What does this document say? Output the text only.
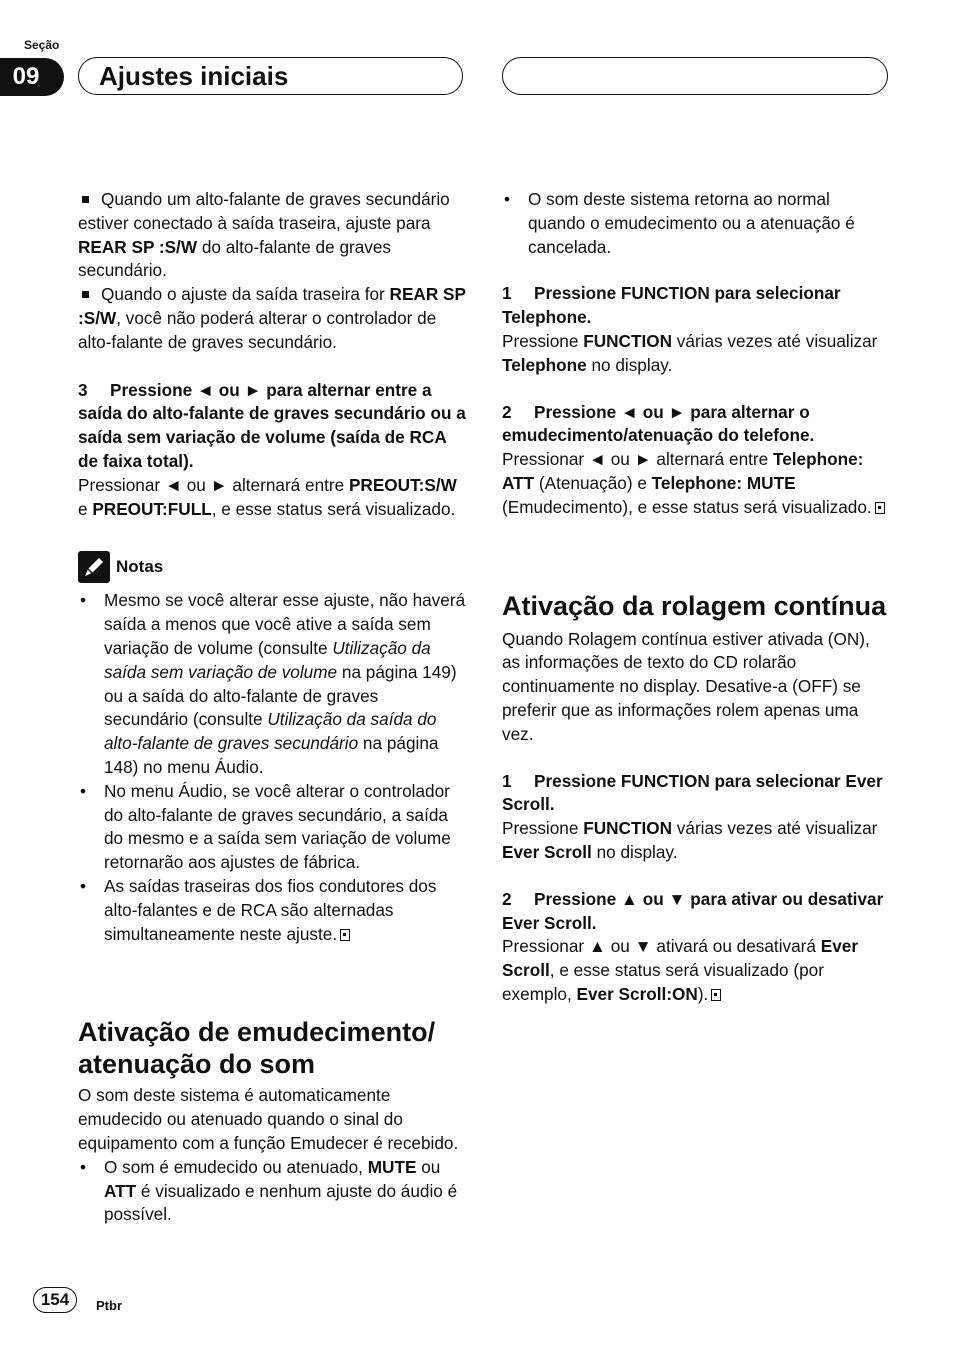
Seção
09	Ajustes iniciais

Quando um alto-falante de graves secundário estiver conectado à saída traseira, ajuste para REAR SP :S/W do alto-falante de graves secundário.

Quando o ajuste da saída traseira for REAR SP :S/W, você não poderá alterar o controlador de alto-falante de graves secundário.

3 Pressione ◄ ou ► para alternar entre a saída do alto-falante de graves secundário ou a saída sem variação de volume (saída de RCA de faixa total).

Pressionar ◄ ou ► alternará entre PREOUT:S/W e PREOUT:FULL, e esse status será visualizado.

Notas

• Mesmo se você alterar esse ajuste, não haverá saída a menos que você ative a saída sem variação de volume (consulte Utilização da saída sem variação de volume na página 149) ou a saída do alto-falante de graves secundário (consulte Utilização da saída do alto-falante de graves secundário na página 148) no menu Áudio.

• No menu Áudio, se você alterar o controlador do alto-falante de graves secundário, a saída do mesmo e a saída sem variação de volume retornarão aos ajustes de fábrica.

• As saídas traseiras dos fios condutores dos alto-falantes e de RCA são alternadas simultaneamente neste ajuste.

Ativação de emudecimento/ atenuação do som

O som deste sistema é automaticamente emudecido ou atenuado quando o sinal do equipamento com a função Emudecer é recebido.

• O som é emudecido ou atenuado, MUTE ou ATT é visualizado e nenhum ajuste do áudio é possível.

• O som deste sistema retorna ao normal quando o emudecimento ou a atenuação é cancelada.

1 Pressione FUNCTION para selecionar Telephone.

Pressione FUNCTION várias vezes até visualizar Telephone no display.

2 Pressione ◄ ou ► para alternar o emudecimento/atenuação do telefone.

Pressionar ◄ ou ► alternará entre Telephone: ATT (Atenuação) e Telephone: MUTE (Emudecimento), e esse status será visualizado.

Ativação da rolagem contínua

Quando Rolagem contínua estiver ativada (ON), as informações de texto do CD rolarão continuamente no display. Desative-a (OFF) se preferir que as informações rolem apenas uma vez.

1 Pressione FUNCTION para selecionar Ever Scroll.

Pressione FUNCTION várias vezes até visualizar Ever Scroll no display.

2 Pressione ▲ ou ▼ para ativar ou desativar Ever Scroll.

Pressionar ▲ ou ▼ ativará ou desativará Ever Scroll, e esse status será visualizado (por exemplo, Ever Scroll:ON).

154	Ptbr
